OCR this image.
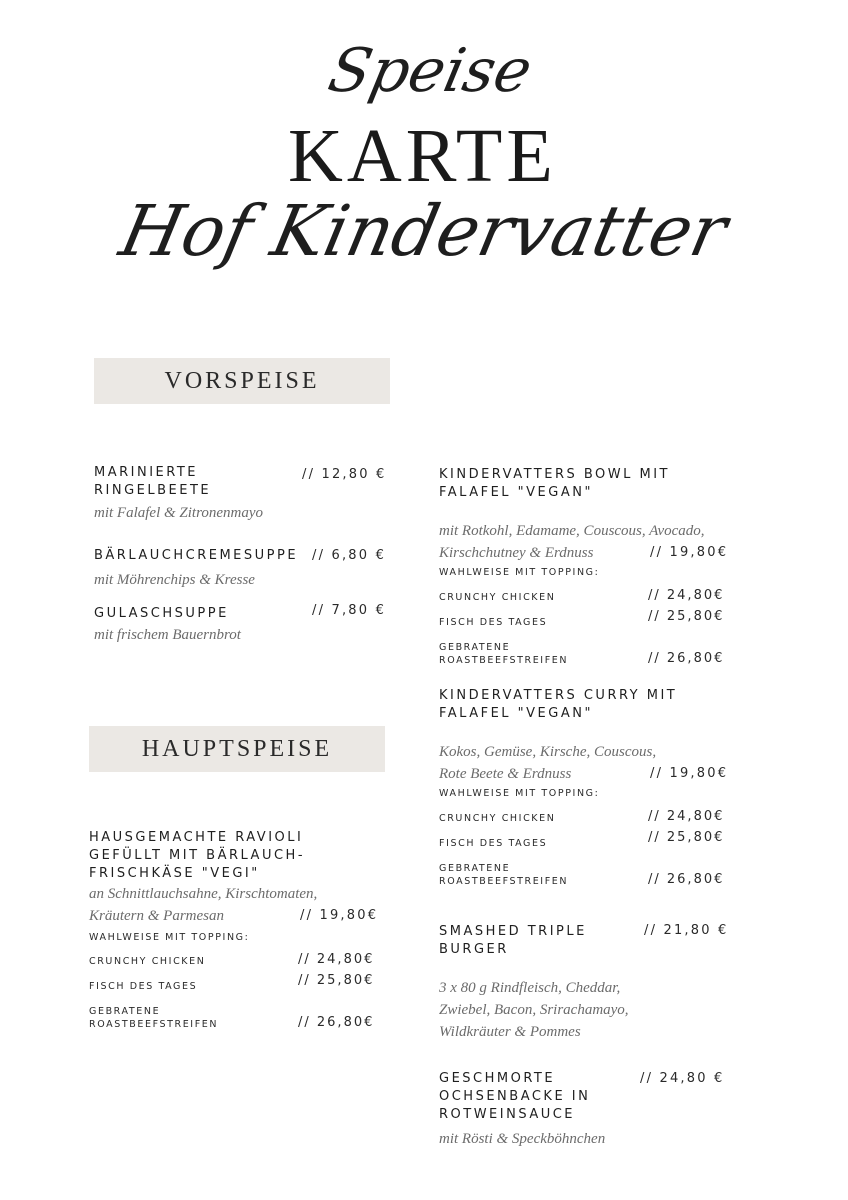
Speise
KARTE
Hof Kindervatter
VORSPEISE
MARINIERTE RINGELBEETE
// 12,80 €
mit Falafel & Zitronenmayo
BÄRLAUCHCREMESUPPE // 6,80 €
mit Möhrenchips & Kresse
GULASCHSUPPE	// 7,80 €
mit frischem Bauernbrot
HAUPTSPEISE
HAUSGEMACHTE RAVIOLI GEFÜLLT MIT BÄRLAUCH-FRISCHKÄSE "VEGI"
an Schnittlauchsahne, Kirschtomaten,
Kräutern & Parmesan	// 19,80€
WAHLWEISE MIT TOPPING:
CRUNCHY CHICKEN	// 24,80€
FISCH DES TAGES	// 25,80€
GEBRATENE ROASTBEEFSTREIFEN	// 26,80€
KINDERVATTERS BOWL MIT FALAFEL "VEGAN"
mit Rotkohl, Edamame, Couscous, Avocado,
Kirschchutney & Erdnuss	// 19,80€
WAHLWEISE MIT TOPPING:
CRUNCHY CHICKEN	// 24,80€
FISCH DES TAGES	// 25,80€
GEBRATENE ROASTBEEFSTREIFEN	// 26,80€
KINDERVATTERS CURRY MIT FALAFEL "VEGAN"
Kokos, Gemüse, Kirsche, Couscous,
Rote Beete & Erdnuss	// 19,80€
WAHLWEISE MIT TOPPING:
CRUNCHY CHICKEN	// 24,80€
FISCH DES TAGES	// 25,80€
GEBRATENE ROASTBEEFSTREIFEN	// 26,80€
SMASHED TRIPLE BURGER
// 21,80 €
3 x 80 g Rindfleisch, Cheddar,
Zwiebel, Bacon, Srirachamayo,
Wildkräuter & Pommes
GESCHMORTE OCHSENBACKE IN ROTWEINSAUCE
// 24,80 €
mit Rösti & Speckböhnchen
